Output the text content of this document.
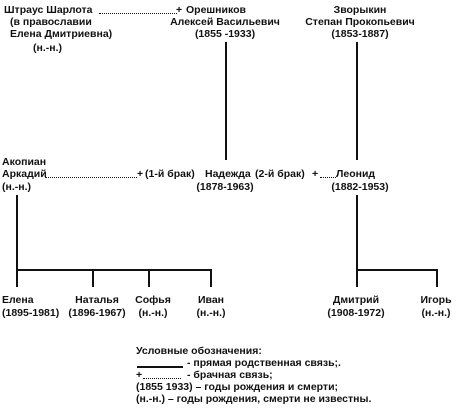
Штраус Шарлота
(в православии
Елена Дмитриевна)
(н.-н.)
+ Орешников
Алексей Васильевич
(1855 -1933)
Зворыкин
Степан Прокопьевич
(1853-1887)
Акопиан
Аркадий
(н.-н.)
+ (1-й брак) Надежда
(1878-1963)
(2-й брак) + Леонид
(1882-1953)
Елена
(1895-1981)
Наталья
(1896-1967)
Софья
(н.-н.)
Иван
(н.-н.)
Дмитрий
(1908-1972)
Игорь
(н.-н.)
Условные обозначения:
- прямая родственная связь;.
+	- брачная связь;
(1855 1933) – годы рождения и смерти;
(н.-н.) – годы рождения, смерти не известны.
